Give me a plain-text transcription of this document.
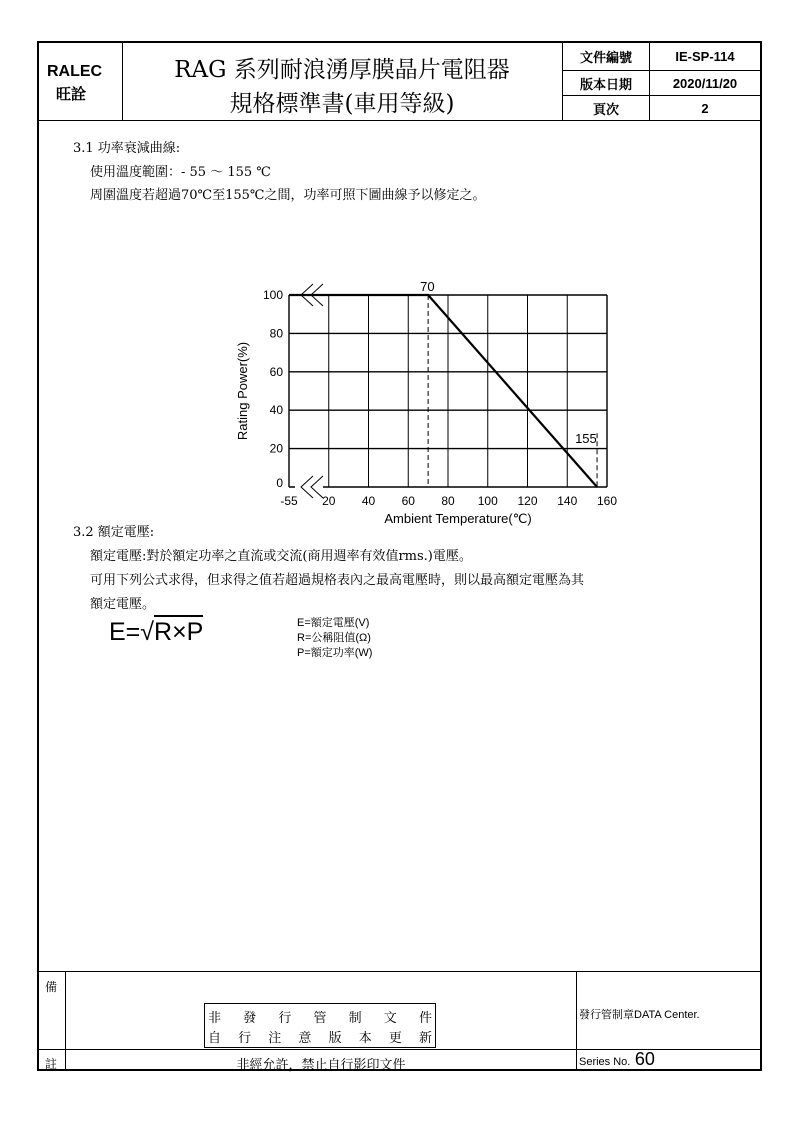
RALEC
旺詮
RAG 系列耐浪湧厚膜晶片電阻器
規格標準書(車用等級)
文件編號	IE-SP-114
版本日期	2020/11/20
頁次	2
3.1 功率衰減曲線:
使用溫度範圍：- 55 ～ 155 ℃
周圍溫度若超過70℃至155℃之間，功率可照下圖曲線予以修定之。
0
20
40
60
80
100
-55 20 40 60 80 100 120 140 160
70
155
Rating Power(%)
Ambient Temperature(℃)
3.2 額定電壓:
額定電壓:對於額定功率之直流或交流(商用週率有效值rms.)電壓。
可用下列公式求得，但求得之值若超過規格表內之最高電壓時，則以最高額定電壓為其
額定電壓。
E=√R×P	E=額定電壓(V)
R=公稱阻值(Ω)
P=額定功率(W)
備
註
非 發 行 管 制 文 件
自 行 注 意 版 本 更 新
非經允許，禁止自行影印文件
發行管制章DATA Center.
Series No. 60
